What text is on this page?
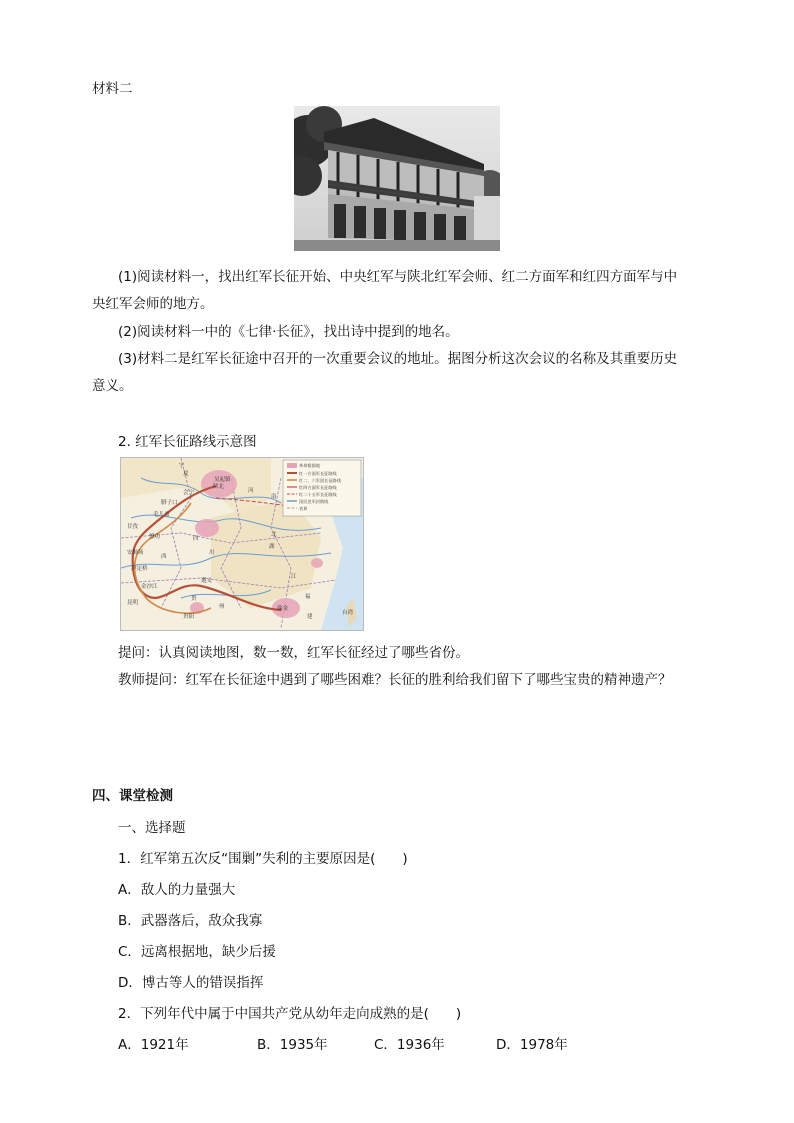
材料二
(1)阅读材料一，找出红军长征开始、中央红军与陕北红军会师、红二方面军和红四方面军与中
央红军会师的地方。
(2)阅读材料一中的《七律·长征》，找出诗中提到的地名。
(3)材料二是红军长征途中召开的一次重要会议的地址。据图分析这次会议的名称及其重要历史
意义。
2. 红军长征路线示意图
革命根据地
红一方面军长征路线
红二、六军团长征路线
红四方面军长征路线
红二十五军长征路线
国民党军封锁线
省界
宁
夏
吴起镇
会宁	河
南
腊子口
毛儿盖
甘孜
四
川
懋功
安顺场
泸定桥
遵义
贵
州
陕北
西
湖
北
江
瑞金
福
建
台湾
昆明
金沙江
贵阳
提问：认真阅读地图，数一数，红军长征经过了哪些省份。
教师提问：红军在长征途中遇到了哪些困难？长征的胜利给我们留下了哪些宝贵的精神遗产？
四、课堂检测
一、选择题
1．红军第五次反“围剿”失利的主要原因是(　　)
A．敌人的力量强大
B．武器落后，敌众我寡
C．远离根据地，缺少后援
D．博古等人的错误指挥
2．下列年代中属于中国共产党从幼年走向成熟的是(　　)
A．1921年	B．1935年	C．1936年	D．1978年
